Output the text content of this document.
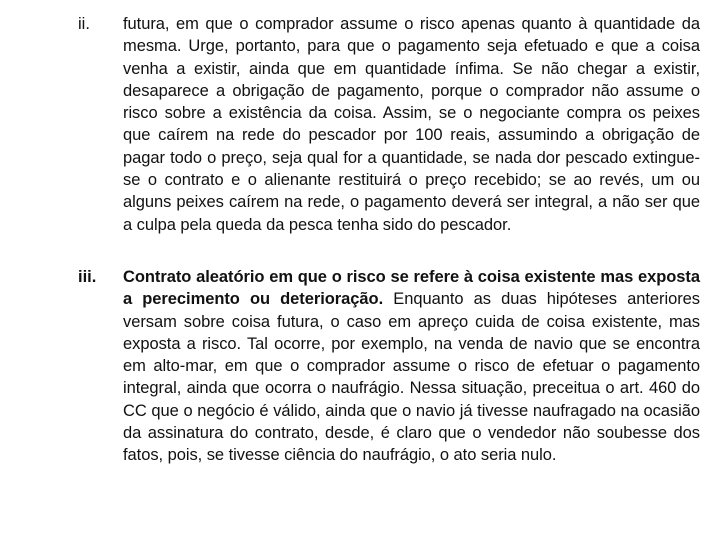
ii. futura, em que o comprador assume o risco apenas quanto à quantidade da mesma. Urge, portanto, para que o pagamento seja efetuado e que a coisa venha a existir, ainda que em quantidade ínfima. Se não chegar a existir, desaparece a obrigação de pagamento, porque o comprador não assume o risco sobre a existência da coisa. Assim, se o negociante compra os peixes que caírem na rede do pescador por 100 reais, assumindo a obrigação de pagar todo o preço, seja qual for a quantidade, se nada dor pescado extingue-se o contrato e o alienante restituirá o preço recebido; se ao revés, um ou alguns peixes caírem na rede, o pagamento deverá ser integral, a não ser que a culpa pela queda da pesca tenha sido do pescador.

iii. Contrato aleatório em que o risco se refere à coisa existente mas exposta a perecimento ou deterioração. Enquanto as duas hipóteses anteriores versam sobre coisa futura, o caso em apreço cuida de coisa existente, mas exposta a risco. Tal ocorre, por exemplo, na venda de navio que se encontra em alto-mar, em que o comprador assume o risco de efetuar o pagamento integral, ainda que ocorra o naufrágio. Nessa situação, preceitua o art. 460 do CC que o negócio é válido, ainda que o navio já tivesse naufragado na ocasião da assinatura do contrato, desde, é claro que o vendedor não soubesse dos fatos, pois, se tivesse ciência do naufrágio, o ato seria nulo.
